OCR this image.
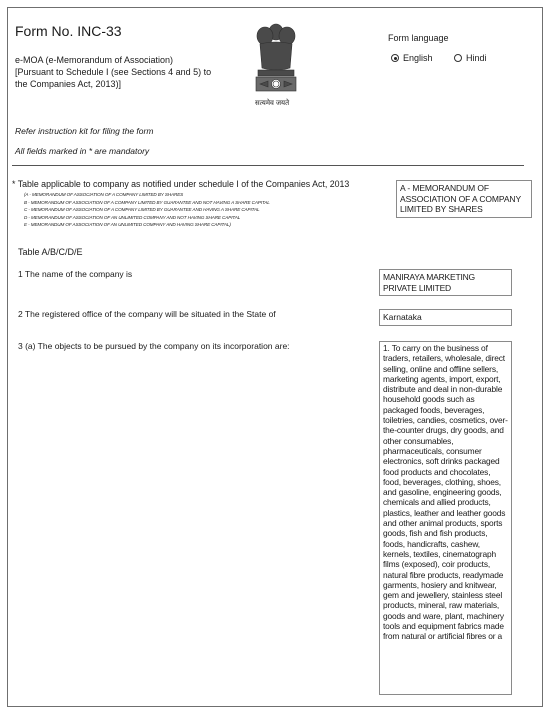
Form No. INC-33
e-MOA (e-Memorandum of Association)
[Pursuant to Schedule I (see Sections 4 and 5) to
the Companies Act, 2013)]
सत्यमेव जयते
Form language
English	Hindi
Refer instruction kit for filing the form
All fields marked in * are mandatory
* Table applicable to company as notified under schedule I of the Companies Act, 2013
(A - MEMORANDUM OF ASSOCIATION OF A COMPANY LIMITED BY SHARES
B - MEMORANDUM OF ASSOCIATION OF A COMPANY LIMITED BY GUARANTEE AND NOT HAVING A SHARE CAPITAL
C - MEMORANDUM OF ASSOCIATION OF A COMPANY LIMITED BY GUARANTEE AND HAVING A SHARE CAPITAL
D - MEMORANDUM OF ASSOCIATION OF AN UNLIMITED COMPANY AND NOT HAVING SHARE CAPITAL
E - MEMORANDUM OF ASSOCIATION OF AN UNLIMITED COMPANY AND HAVING SHARE CAPITAL)
A - MEMORANDUM OF ASSOCIATION OF A COMPANY LIMITED BY SHARES
Table A/B/C/D/E
1 The name of the company is	MANIRAYA MARKETING PRIVATE LIMITED
2 The registered office of the company will be situated in the State of	Karnataka
3 (a) The objects to be pursued by the company on its incorporation are:	1. To carry on the business of traders, retailers, wholesale, direct selling, online and offline sellers, marketing agents, import, export, distribute and deal in non-durable household goods such as packaged foods, beverages, toiletries, candies, cosmetics, over-the-counter drugs, dry goods, and other consumables, pharmaceuticals, consumer electronics, soft drinks packaged food products and chocolates, food, beverages, clothing, shoes, and gasoline, engineering goods, chemicals and allied products, plastics, leather and leather goods and other animal products, sports goods, fish and fish products, foods, handicrafts, cashew, kernels, textiles, cinematograph films (exposed), coir products, natural fibre products, readymade garments, hosiery and knitwear, gem and jewellery, stainless steel products, mineral, raw materials, goods and ware, plant, machinery tools and equipment fabrics made from natural or artificial fibres or a
